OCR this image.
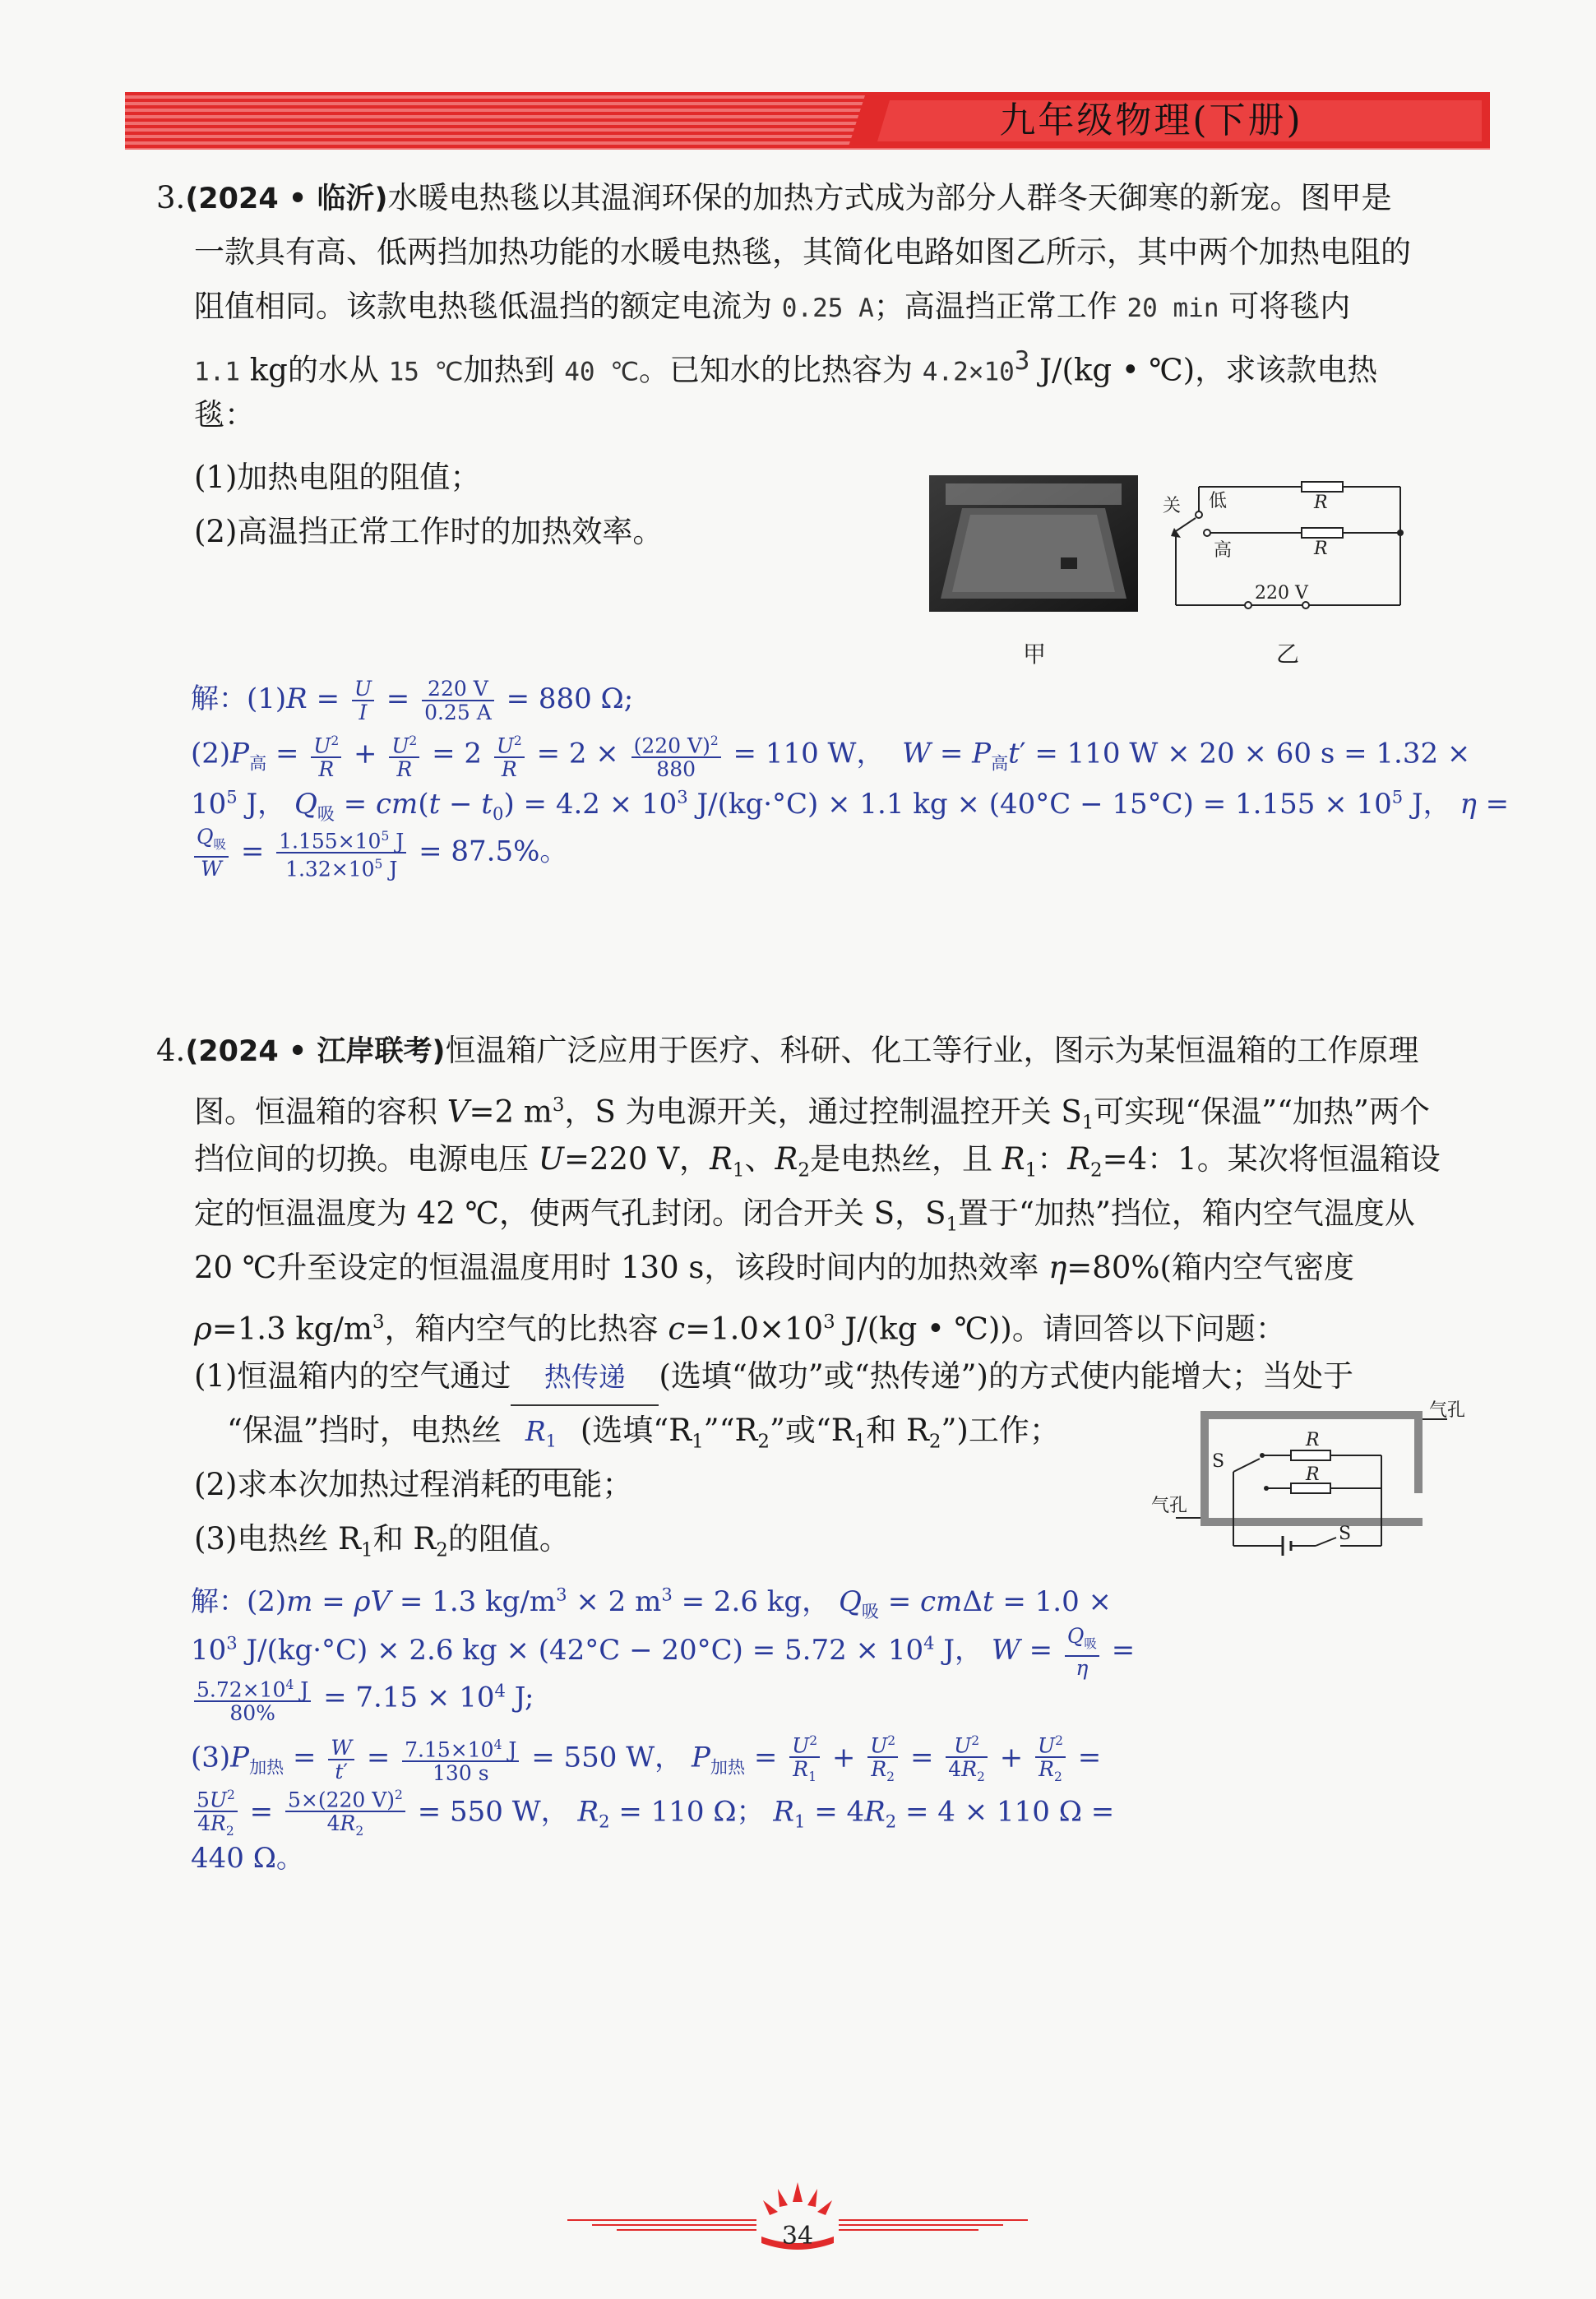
九年级物理(下册)
3.(2024 • 临沂)水暖电热毯以其温润环保的加热方式成为部分人群冬天御寒的新宠。图甲是
一款具有高、低两挡加热功能的水暖电热毯，其简化电路如图乙所示，其中两个加热电阻的
阻值相同。该款电热毯低温挡的额定电流为 0.25 A；高温挡正常工作 20 min 可将毯内
1.1 kg的水从 15 ℃加热到 40 ℃。已知水的比热容为 $4.2\times 10^3$ J/(kg • ℃)，求该款电热
毯：
(1)加热电阻的阻值；
(2)高温挡正常工作时的加热效率。
甲
关 低
高
R
R
220 V
乙
解：$(1)R = \frac{U}{I} = \frac{220 V}{0.25 A} = 880$ Ω;
$(2)P_高 = \frac{U^2}{R} + \frac{U^2}{R} = 2 \frac{U^2}{R} = 2 \times \frac{(220 V)^2}{880} = 110$ W， $W = P_高t' = 110$ W × 20 × 60 s = 1.32 ×
$10^5$ J， $Q_吸 = cm(t - t_0) = 4.2 \times 10^3$ J/(kg·°C) × 1.1 kg × $(40^\circ C - 15^\circ C) = 1.155 \times 10^5$ J， η =
$\frac{Q_吸}{W} = \frac{1.155\times 10^5 J}{1.32\times 10^5 J} = 87.5\%$。
4.(2024 • 江岸联考)恒温箱广泛应用于医疗、科研、化工等行业，图示为某恒温箱的工作原理
图。恒温箱的容积 V=2 $m^3$，S 为电源开关，通过控制温控开关 $S_1$可实现“保温”“加热”两个
挡位间的切换。电源电压 U=220 V，$R_1$、$R_2$是电热丝，且 $R_1$：$R_2=4$：1。某次将恒温箱设
定的恒温温度为 42 ℃，使两气孔封闭。闭合开关 S，$S_1$置于“加热”挡位，箱内空气温度从
20 ℃升至设定的恒温温度用时 130 s，该段时间内的加热效率 η=80%(箱内空气密度
ρ=1.3 $kg/m^3$，箱内空气的比热容 $c=1.0\times 10^3$ J/(kg • ℃))。请回答以下问题：
(1)恒温箱内的空气通过 热传递 (选填“做功”或“热传递”)的方式使内能增大；当处于
“保温”挡时，电热丝 $R_1$ (选填“$R_1”“R_2$”或“$R_1$和 $R_2$”)工作；
(2)求本次加热过程消耗的电能；
(3)电热丝 $R_1$和 $R_2$的阻值。
S
R
R
S
气孔
气孔
解：(2)m = ρV = 1.3 $kg/m^3 \times 2$ $m^3 = 2.6$ kg， $Q_吸 = cm\Delta t = 1.0$ ×
$10^3$ J/(kg·°C) × 2.6 kg × $(42^\circ C - 20^\circ C) = 5.72 \times 10^4$ J， $W = \frac{Q_吸}{\eta}$ =
$\frac{5.72\times 10^4 J}{80\%} = 7.15 \times 10^4$ J;
$(3)P_{加热} = \frac{W}{t'} = \frac{7.15\times 10^4 J}{130 s} = 550$ W， $P_{加热} = \frac{U^2}{R_1} + \frac{U^2}{R_2} = \frac{U^2}{4R_2} + \frac{U^2}{R_2}$ =
$\frac{5U^2}{4R_2} = \frac{5\times(220 V)^2}{4R_2} = 550$ W， $R_2 = 110$ Ω； $R_1 = 4R_2 = 4 \times 110$ Ω =
440 Ω。
34
